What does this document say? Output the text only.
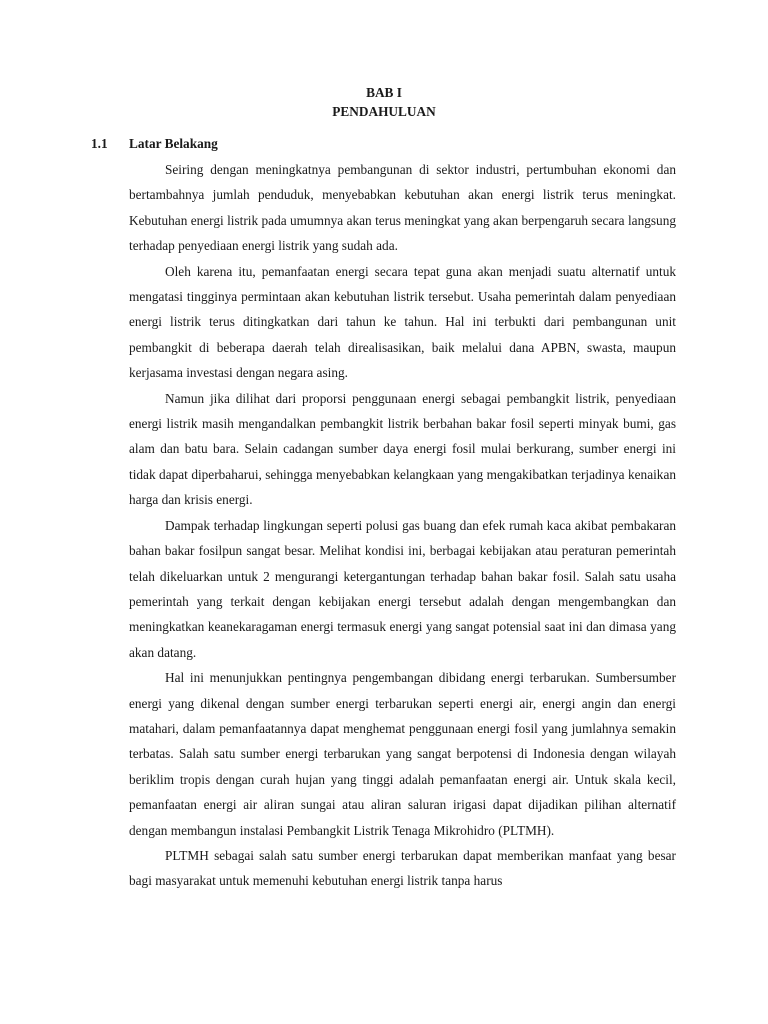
BAB I
PENDAHULUAN
1.1 Latar Belakang

Seiring dengan meningkatnya pembangunan di sektor industri, pertumbuhan ekonomi dan bertambahnya jumlah penduduk, menyebabkan kebutuhan akan energi listrik terus meningkat. Kebutuhan energi listrik pada umumnya akan terus meningkat yang akan berpengaruh secara langsung terhadap penyediaan energi listrik yang sudah ada.

Oleh karena itu, pemanfaatan energi secara tepat guna akan menjadi suatu alternatif untuk mengatasi tingginya permintaan akan kebutuhan listrik tersebut. Usaha pemerintah dalam penyediaan energi listrik terus ditingkatkan dari tahun ke tahun. Hal ini terbukti dari pembangunan unit pembangkit di beberapa daerah telah direalisasikan, baik melalui dana APBN, swasta, maupun kerjasama investasi dengan negara asing.

Namun jika dilihat dari proporsi penggunaan energi sebagai pembangkit listrik, penyediaan energi listrik masih mengandalkan pembangkit listrik berbahan bakar fosil seperti minyak bumi, gas alam dan batu bara. Selain cadangan sumber daya energi fosil mulai berkurang, sumber energi ini tidak dapat diperbaharui, sehingga menyebabkan kelangkaan yang mengakibatkan terjadinya kenaikan harga dan krisis energi.

Dampak terhadap lingkungan seperti polusi gas buang dan efek rumah kaca akibat pembakaran bahan bakar fosilpun sangat besar. Melihat kondisi ini, berbagai kebijakan atau peraturan pemerintah telah dikeluarkan untuk 2 mengurangi ketergantungan terhadap bahan bakar fosil. Salah satu usaha pemerintah yang terkait dengan kebijakan energi tersebut adalah dengan mengembangkan dan meningkatkan keanekaragaman energi termasuk energi yang sangat potensial saat ini dan dimasa yang akan datang.

Hal ini menunjukkan pentingnya pengembangan dibidang energi terbarukan. Sumbersumber energi yang dikenal dengan sumber energi terbarukan seperti energi air, energi angin dan energi matahari, dalam pemanfaatannya dapat menghemat penggunaan energi fosil yang jumlahnya semakin terbatas. Salah satu sumber energi terbarukan yang sangat berpotensi di Indonesia dengan wilayah beriklim tropis dengan curah hujan yang tinggi adalah pemanfaatan energi air. Untuk skala kecil, pemanfaatan energi air aliran sungai atau aliran saluran irigasi dapat dijadikan pilihan alternatif dengan membangun instalasi Pembangkit Listrik Tenaga Mikrohidro (PLTMH).

PLTMH sebagai salah satu sumber energi terbarukan dapat memberikan manfaat yang besar bagi masyarakat untuk memenuhi kebutuhan energi listrik tanpa harus
